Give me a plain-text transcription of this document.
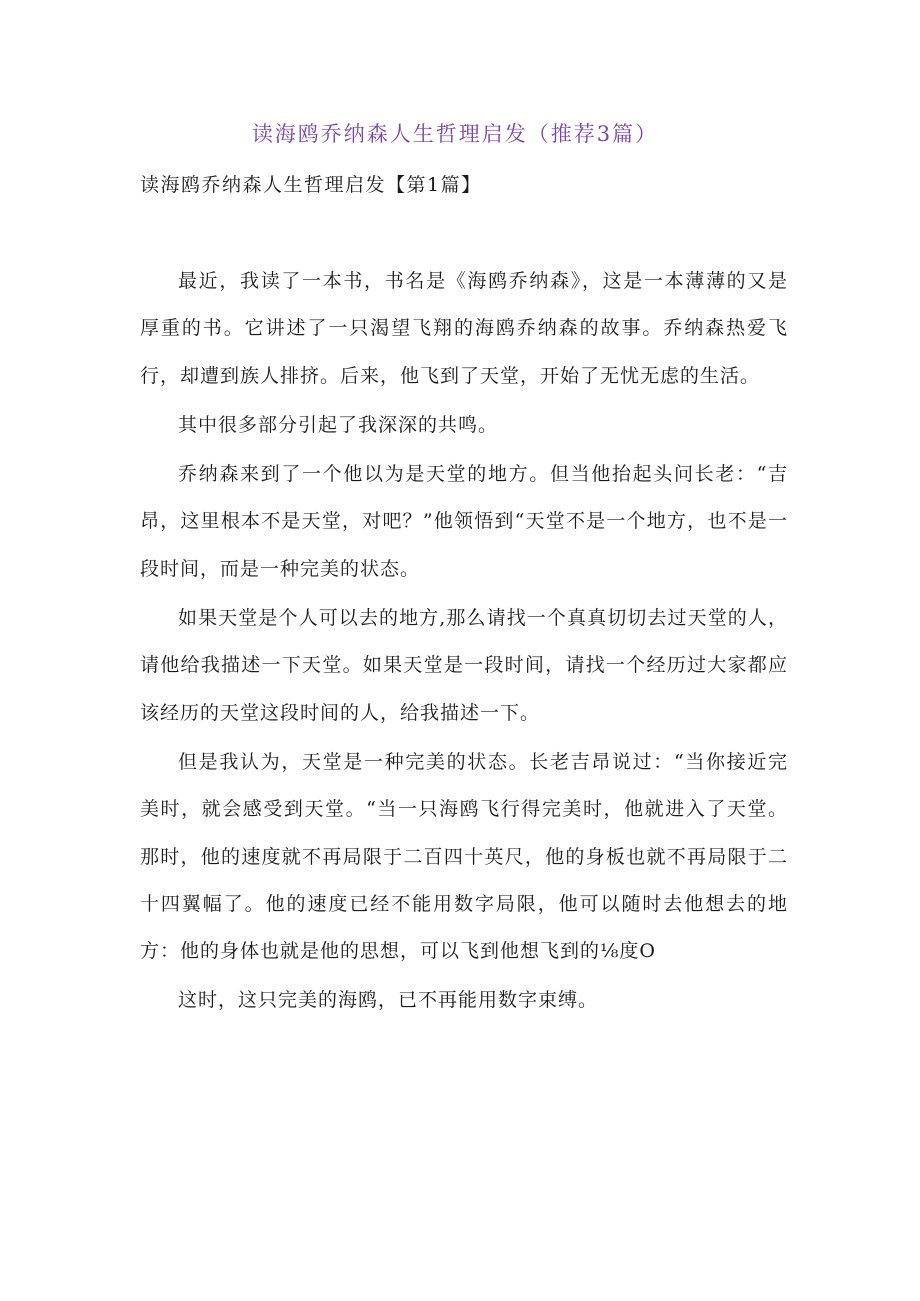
读海鸥乔纳森人生哲理启发（推荐3篇）
读海鸥乔纳森人生哲理启发【第1篇】

最近，我读了一本书，书名是《海鸥乔纳森》，这是一本薄薄的又是厚重的书。它讲述了一只渴望飞翔的海鸥乔纳森的故事。乔纳森热爱飞行，却遭到族人排挤。后来，他飞到了天堂，开始了无忧无虑的生活。

其中很多部分引起了我深深的共鸣。

乔纳森来到了一个他以为是天堂的地方。但当他抬起头问长老：“吉昂，这里根本不是天堂，对吧？”他领悟到“天堂不是一个地方，也不是一段时间，而是一种完美的状态。

如果天堂是个人可以去的地方,那么请找一个真真切切去过天堂的人，请他给我描述一下天堂。如果天堂是一段时间，请找一个经历过大家都应该经历的天堂这段时间的人，给我描述一下。

但是我认为，天堂是一种完美的状态。长老吉昂说过：“当你接近完美时，就会感受到天堂。“当一只海鸥飞行得完美时，他就进入了天堂。那时，他的速度就不再局限于二百四十英尺，他的身板也就不再局限于二十四翼幅了。他的速度已经不能用数字局限，他可以随时去他想去的地方：他的身体也就是他的思想，可以飞到他想飞到的⅛度O

这时，这只完美的海鸥，已不再能用数字束缚。
